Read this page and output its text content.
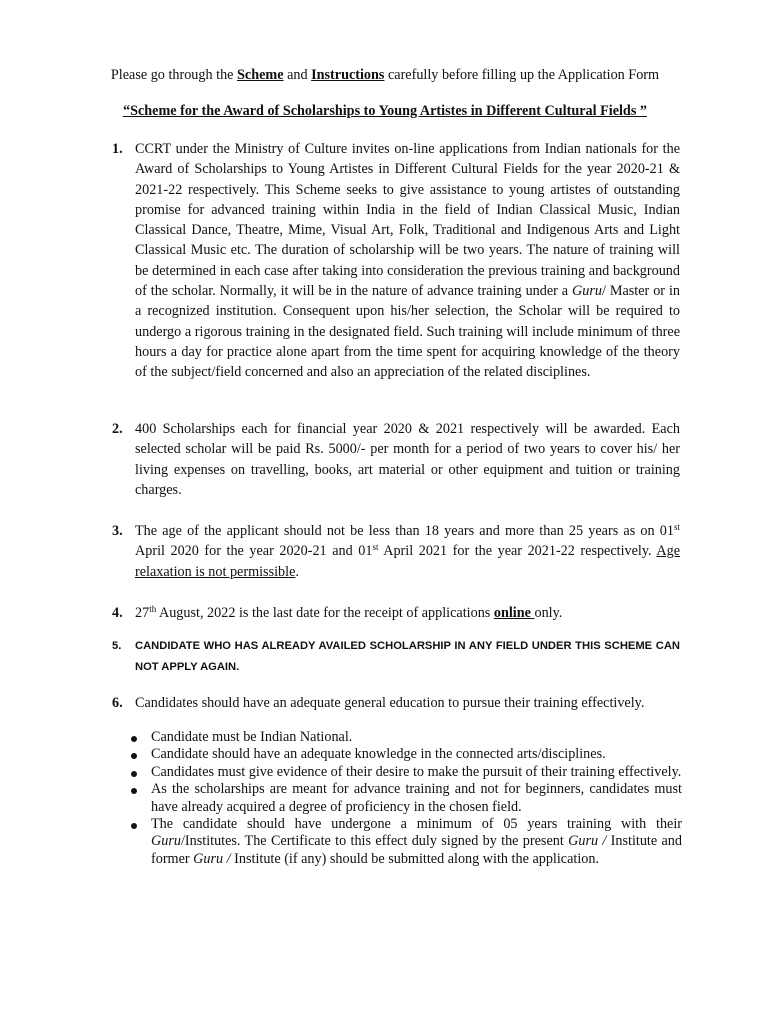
Please go through the Scheme and Instructions carefully before filling up the Application Form
“Scheme for the Award of Scholarships to Young Artistes in Different Cultural Fields ”
1. CCRT under the Ministry of Culture invites on-line applications from Indian nationals for the Award of Scholarships to Young Artistes in Different Cultural Fields for the year 2020-21 & 2021-22 respectively. This Scheme seeks to give assistance to young artistes of outstanding promise for advanced training within India in the field of Indian Classical Music, Indian Classical Dance, Theatre, Mime, Visual Art, Folk, Traditional and Indigenous Arts and Light Classical Music etc. The duration of scholarship will be two years. The nature of training will be determined in each case after taking into consideration the previous training and background of the scholar. Normally, it will be in the nature of advance training under a Guru/ Master or in a recognized institution. Consequent upon his/her selection, the Scholar will be required to undergo a rigorous training in the designated field. Such training will include minimum of three hours a day for practice alone apart from the time spent for acquiring knowledge of the theory of the subject/field concerned and also an appreciation of the related disciplines.
2. 400 Scholarships each for financial year 2020 & 2021 respectively will be awarded. Each selected scholar will be paid Rs. 5000/- per month for a period of two years to cover his/ her living expenses on travelling, books, art material or other equipment and tuition or training charges.
3. The age of the applicant should not be less than 18 years and more than 25 years as on 01st April 2020 for the year 2020-21 and 01st April 2021 for the year 2021-22 respectively. Age relaxation is not permissible.
4. 27th August, 2022 is the last date for the receipt of applications online only.
5.	CANDIDATE WHO HAS ALREADY AVAILED SCHOLARSHIP IN ANY FIELD UNDER THIS SCHEME CAN NOT APPLY AGAIN.
6. Candidates should have an adequate general education to pursue their training effectively.
Candidate must be Indian National.
Candidate should have an adequate knowledge in the connected arts/disciplines.
Candidates must give evidence of their desire to make the pursuit of their training effectively.
As the scholarships are meant for advance training and not for beginners, candidates must have already acquired a degree of proficiency in the chosen field.
The candidate should have undergone a minimum of 05 years training with their Guru/Institutes. The Certificate to this effect duly signed by the present Guru / Institute and former Guru / Institute (if any) should be submitted along with the application.
